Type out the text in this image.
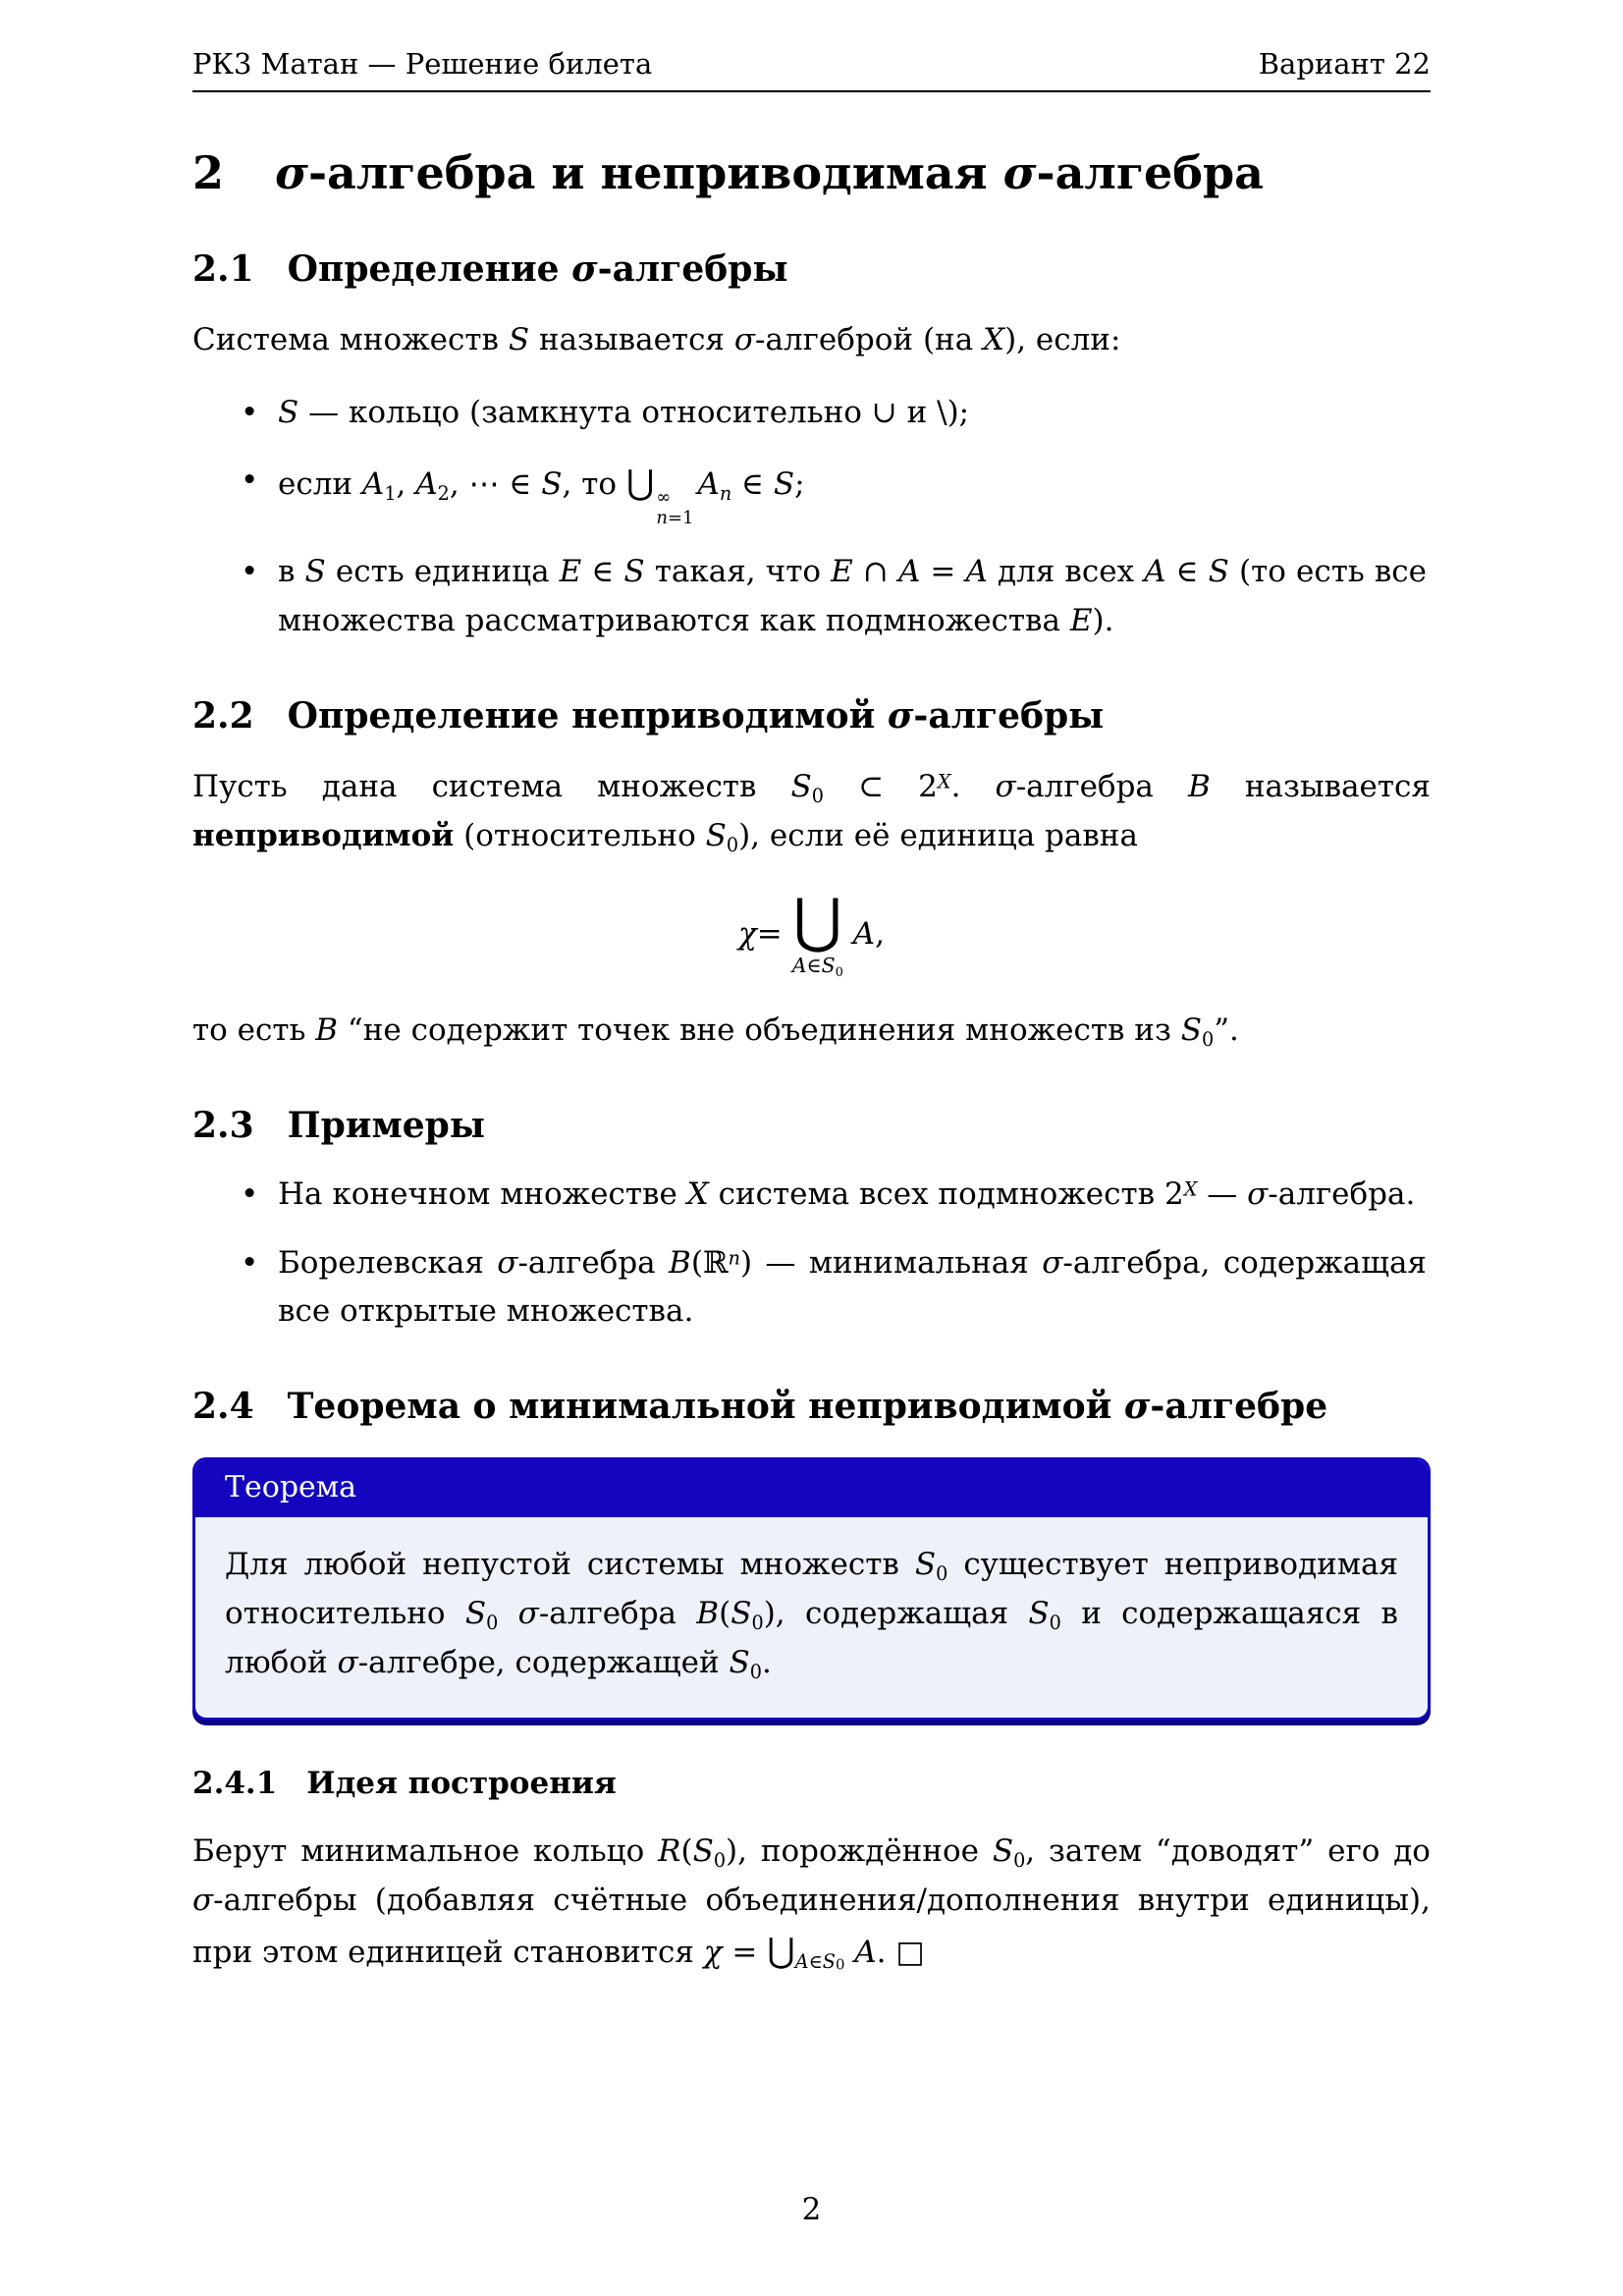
РК3 Матан — Решение билета	Вариант 22
2 σ-алгебра и неприводимая σ-алгебра
2.1 Определение σ-алгебры

Система множеств S называется σ-алгеброй (на X), если:

• S — кольцо (замкнута относительно ∪ и \);
• если $A_1$, $A_2$, ⋯ ∈ S, то ⋃ ∞
n=1
$A_n$ ∈ S;
• в S есть единица E ∈ S такая, что E ∩ A = A для всех A ∈ S (то есть все множества рассматриваются как подмножества E).
2.2 Определение неприводимой σ-алгебры

Пусть дана система множеств $S_0$ ⊂ $2^X$. σ-алгебра B называется неприводимой (относительно $S_0$), если её единица равна

χ = ⋃
$A\in S_0$
A ,

то есть B “не содержит точек вне объединения множеств из $S_0$”.

2.3 Примеры
• На конечном множестве X система всех подмножеств $2^X$ — σ-алгебра.
• Борелевская σ-алгебра B(ℝ$^n$) — минимальная σ-алгебра, содержащая все открытые множества.
2.4 Теорема о минимальной неприводимой σ-алгебре
Теорема
Для любой непустой системы множеств $S_0$ существует неприводимая относительно $S_0$ σ-алгебра $B(S_0)$, содержащая $S_0$ и содержащаяся в любой σ-алгебре, содержащей $S_0$.
2.4.1 Идея построения

Берут минимальное кольцо $R(S_0)$, порождённое $S_0$, затем “доводят” его до σ-алгебры (добавляя счётные объединения/дополнения внутри единицы), при этом единицей становится $\chi = ⋃_{A\in S0}$ A. □

2
